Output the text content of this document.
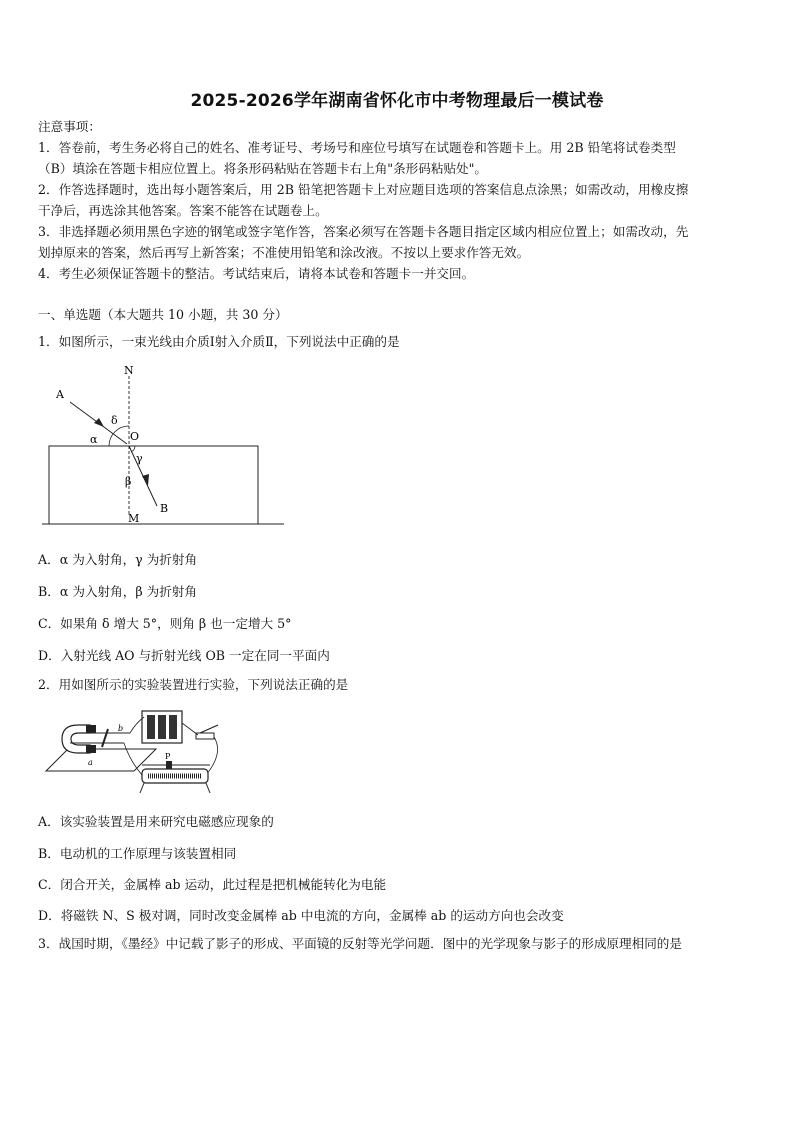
2025-2026学年湖南省怀化市中考物理最后一模试卷
注意事项：
1．答卷前，考生务必将自己的姓名、准考证号、考场号和座位号填写在试题卷和答题卡上。用 2B 铅笔将试卷类型
（B）填涂在答题卡相应位置上。将条形码粘贴在答题卡右上角"条形码粘贴处"。
2．作答选择题时，选出每小题答案后，用 2B 铅笔把答题卡上对应题目选项的答案信息点涂黑；如需改动，用橡皮擦
干净后，再选涂其他答案。答案不能答在试题卷上。
3．非选择题必须用黑色字迹的钢笔或签字笔作答，答案必须写在答题卡各题目指定区域内相应位置上；如需改动，先
划掉原来的答案，然后再写上新答案；不准使用铅笔和涂改液。不按以上要求作答无效。
4．考生必须保证答题卡的整洁。考试结束后，请将本试卷和答题卡一并交回。
一、单选题（本大题共 10 小题，共 30 分）
1．如图所示，一束光线由介质Ⅰ射入介质Ⅱ，下列说法中正确的是
N
A
δ
α	O
γ
β
B
M
A．α 为入射角，γ 为折射角
B．α 为入射角，β 为折射角
C．如果角 δ 增大 5°，则角 β 也一定增大 5°
D．入射光线 AO 与折射光线 OB 一定在同一平面内
2．用如图所示的实验装置进行实验，下列说法正确的是
b
a
P
A．该实验装置是用来研究电磁感应现象的
B．电动机的工作原理与该装置相同
C．闭合开关，金属棒 ab 运动，此过程是把机械能转化为电能
D．将磁铁 N、S 极对调，同时改变金属棒 ab 中电流的方向，金属棒 ab 的运动方向也会改变
3．战国时期，《墨经》中记载了影子的形成、平面镜的反射等光学问题．图中的光学现象与影子的形成原理相同的是
